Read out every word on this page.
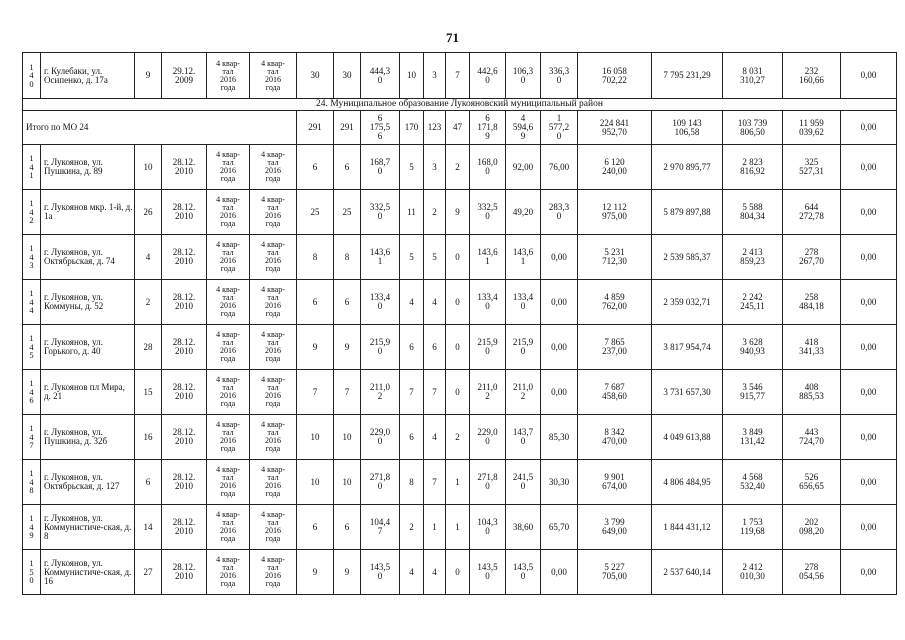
71
1
4
0	г. Кулебаки, ул. Осипенко, д. 17а	9	29.12.
2009	4 квар-
тал
2016
года	4 квар-
тал
2016
года	30	30	444,3
0	10	3	7	442,6
0	106,3
0	336,3
0	16 058
702,22	7 795 231,29	8 031
310,27	232
160,66	0,00
24. Муниципальное образование Лукояновский муниципальный район																			
Итого по МО 24						291	291	6
175,5
6	170	123	47	6
171,8
9	4
594,6
9	1
577,2
0	224 841
952,70	109 143
106,58	103 739
806,50	11 959
039,62	0,00
1
4
1	г. Лукоянов, ул. Пушкина, д. 89	10	28.12.
2010	4 квар-
тал
2016
года	4 квар-
тал
2016
года	6	6	168,7
0	5	3	2	168,0
0	92,00	76,00	6 120
240,00	2 970 895,77	2 823
816,92	325
527,31	0,00
1
4
2	г. Лукоянов мкр. 1-й, д. 1а	26	28.12.
2010	4 квар-
тал
2016
года	4 квар-
тал
2016
года	25	25	332,5
0	11	2	9	332,5
0	49,20	283,3
0	12 112
975,00	5 879 897,88	5 588
804,34	644
272,78	0,00
1
4
3	г. Лукоянов, ул. Октябрьская, д. 74	4	28.12.
2010	4 квар-
тал
2016
года	4 квар-
тал
2016
года	8	8	143,6
1	5	5	0	143,6
1	143,6
1	0,00	5 231
712,30	2 539 585,37	2 413
859,23	278
267,70	0,00
1
4
4	г. Лукоянов, ул. Коммуны, д. 52	2	28.12.
2010	4 квар-
тал
2016
года	4 квар-
тал
2016
года	6	6	133,4
0	4	4	0	133,4
0	133,4
0	0,00	4 859
762,00	2 359 032,71	2 242
245,11	258
484,18	0,00
1
4
5	г. Лукоянов, ул. Горького, д. 40	28	28.12.
2010	4 квар-
тал
2016
года	4 квар-
тал
2016
года	9	9	215,9
0	6	6	0	215,9
0	215,9
0	0,00	7 865
237,00	3 817 954,74	3 628
940,93	418
341,33	0,00
1
4
6	г. Лукоянов пл Мира, д. 21	15	28.12.
2010	4 квар-
тал
2016
года	4 квар-
тал
2016
года	7	7	211,0
2	7	7	0	211,0
2	211,0
2	0,00	7 687
458,60	3 731 657,30	3 546
915,77	408
885,53	0,00
1
4
7	г. Лукоянов, ул. Пушкина, д. 32б	16	28.12.
2010	4 квар-
тал
2016
года	4 квар-
тал
2016
года	10	10	229,0
0	6	4	2	229,0
0	143,7
0	85,30	8 342
470,00	4 049 613,88	3 849
131,42	443
724,70	0,00
1
4
8	г. Лукоянов, ул. Октябрьская, д. 127	6	28.12.
2010	4 квар-
тал
2016
года	4 квар-
тал
2016
года	10	10	271,8
0	8	7	1	271,8
0	241,5
0	30,30	9 901
674,00	4 806 484,95	4 568
532,40	526
656,65	0,00
1
4
9	г. Лукоянов, ул. Коммунистиче-ская, д. 8	14	28.12.
2010	4 квар-
тал
2016
года	4 квар-
тал
2016
года	6	6	104,4
7	2	1	1	104,3
0	38,60	65,70	3 799
649,00	1 844 431,12	1 753
119,68	202
098,20	0,00
1
5
0	г. Лукоянов, ул. Коммунистиче-ская, д. 16	27	28.12.
2010	4 квар-
тал
2016
года	4 квар-
тал
2016
года	9	9	143,5
0	4	4	0	143,5
0	143,5
0	0,00	5 227
705,00	2 537 640,14	2 412
010,30	278
054,56	0,00
